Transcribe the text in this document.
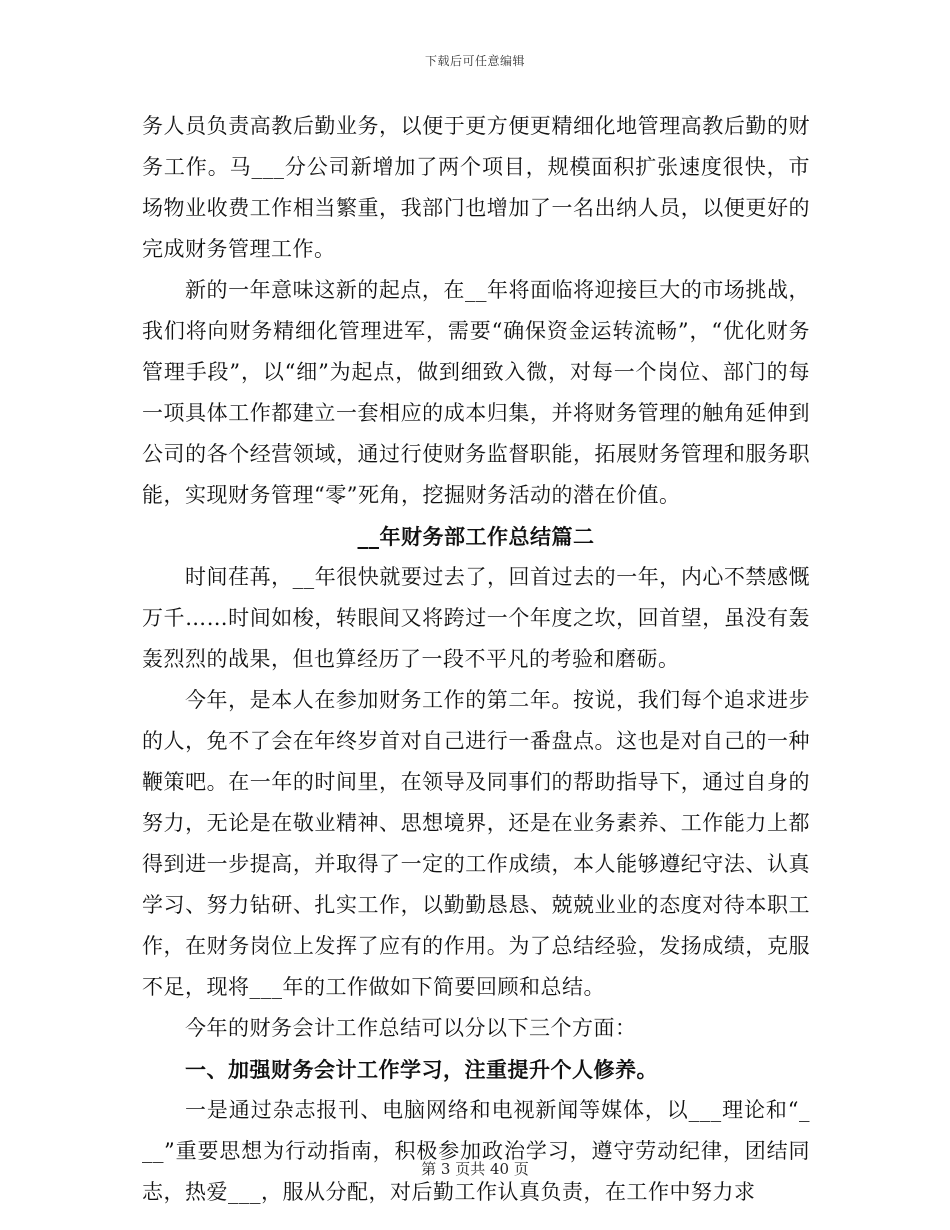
下载后可任意编辑

务人员负责高教后勤业务，以便于更方便更精细化地管理高教后勤的财务工作。马___分公司新增加了两个项目，规模面积扩张速度很快，市场物业收费工作相当繁重，我部门也增加了一名出纳人员，以便更好的完成财务管理工作。

新的一年意味这新的起点，在__年将面临将迎接巨大的市场挑战，我们将向财务精细化管理进军，需要“确保资金运转流畅”，“优化财务管理手段”，以“细”为起点，做到细致入微，对每一个岗位、部门的每一项具体工作都建立一套相应的成本归集，并将财务管理的触角延伸到公司的各个经营领域，通过行使财务监督职能，拓展财务管理和服务职能，实现财务管理“零”死角，挖掘财务活动的潜在价值。

__年财务部工作总结篇二

时间荏苒，__年很快就要过去了，回首过去的一年，内心不禁感慨万千……时间如梭，转眼间又将跨过一个年度之坎，回首望，虽没有轰轰烈烈的战果，但也算经历了一段不平凡的考验和磨砺。

今年，是本人在参加财务工作的第二年。按说，我们每个追求进步的人，免不了会在年终岁首对自己进行一番盘点。这也是对自己的一种鞭策吧。在一年的时间里，在领导及同事们的帮助指导下，通过自身的努力，无论是在敬业精神、思想境界，还是在业务素养、工作能力上都得到进一步提高，并取得了一定的工作成绩，本人能够遵纪守法、认真学习、努力钻研、扎实工作，以勤勤恳恳、兢兢业业的态度对待本职工作，在财务岗位上发挥了应有的作用。为了总结经验，发扬成绩，克服不足，现将___年的工作做如下简要回顾和总结。

今年的财务会计工作总结可以分以下三个方面：

一、加强财务会计工作学习，注重提升个人修养。

一是通过杂志报刊、电脑网络和电视新闻等媒体，以___理论和“___”重要思想为行动指南，积极参加政治学习，遵守劳动纪律，团结同志，热爱___，服从分配，对后勤工作认真负责，在工作中努力求

第 3 页共 40 页
